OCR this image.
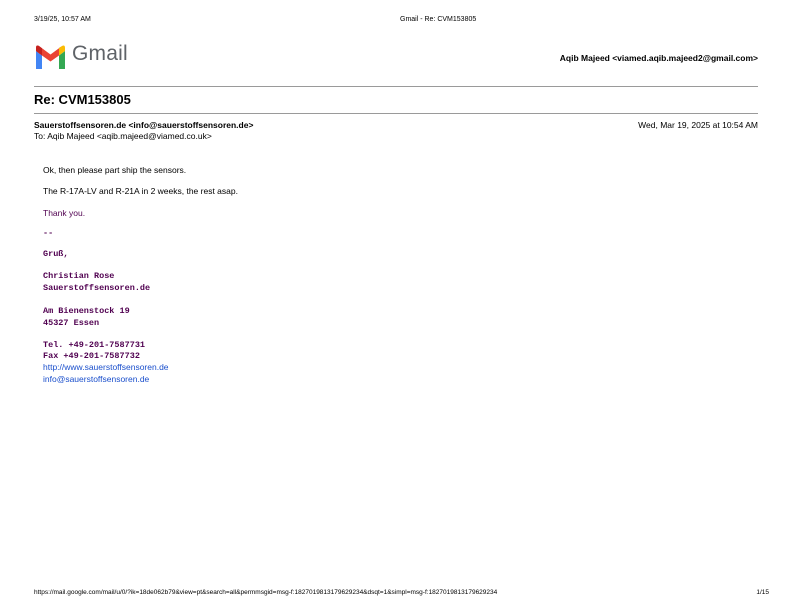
3/19/25, 10:57 AM	Gmail - Re: CVM153805
Gmail	Aqib Majeed <viamed.aqib.majeed2@gmail.com>
Re: CVM153805
Sauerstoffsensoren.de <info@sauerstoffsensoren.de>
To: Aqib Majeed <aqib.majeed@viamed.co.uk>
Wed, Mar 19, 2025 at 10:54 AM
Ok, then please part ship the sensors.
The R-17A-LV and R-21A in 2 weeks, the rest asap.
Thank you.
--
Gruß,
Christian Rose
Sauerstoffsensoren.de
Am Bienenstock 19
45327 Essen
Tel. +49-201-7587731
Fax +49-201-7587732
http://www.sauerstoffsensoren.de
info@sauerstoffsensoren.de
https://mail.google.com/mail/u/0/?ik=18de062b79&view=pt&search=all&permmsgid=msg-f:1827019813179629234&dsqt=1&simpl=msg-f:1827019813179629234	1/15
